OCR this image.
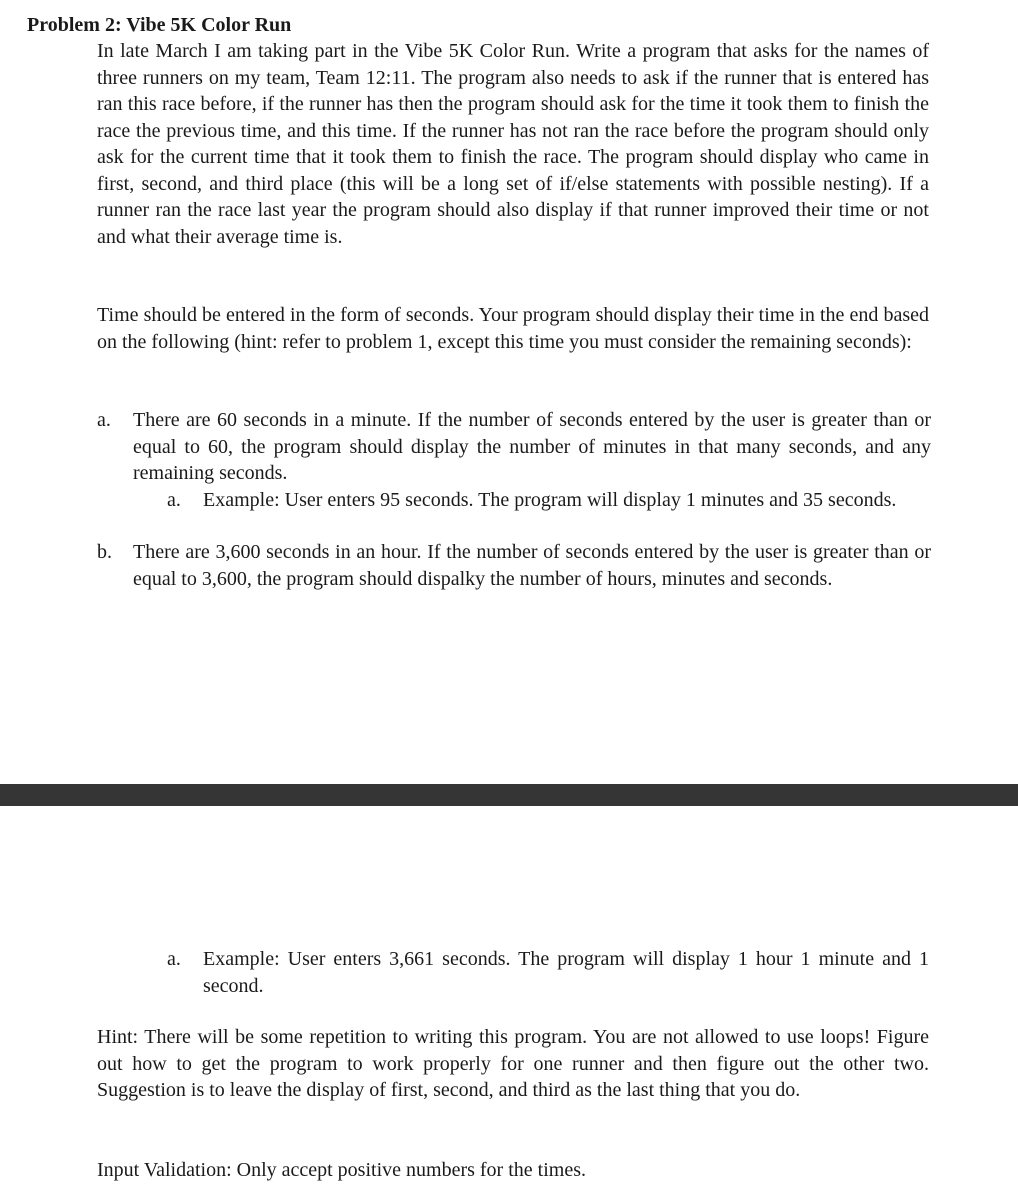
Problem 2: Vibe 5K Color Run
In late March I am taking part in the Vibe 5K Color Run. Write a program that asks for the names of three runners on my team, Team 12:11. The program also needs to ask if the runner that is entered has ran this race before, if the runner has then the program should ask for the time it took them to finish the race the previous time, and this time. If the runner has not ran the race before the program should only ask for the current time that it took them to finish the race. The program should display who came in first, second, and third place (this will be a long set of if/else statements with possible nesting). If a runner ran the race last year the program should also display if that runner improved their time or not and what their average time is.
Time should be entered in the form of seconds. Your program should display their time in the end based on the following (hint: refer to problem 1, except this time you must consider the remaining seconds):
a. There are 60 seconds in a minute. If the number of seconds entered by the user is greater than or equal to 60, the program should display the number of minutes in that many seconds, and any remaining seconds.
a. Example: User enters 95 seconds. The program will display 1 minutes and 35 seconds.
b. There are 3,600 seconds in an hour. If the number of seconds entered by the user is greater than or equal to 3,600, the program should dispalky the number of hours, minutes and seconds.
a. Example: User enters 3,661 seconds. The program will display 1 hour 1 minute and 1 second.
Hint: There will be some repetition to writing this program. You are not allowed to use loops! Figure out how to get the program to work properly for one runner and then figure out the other two. Suggestion is to leave the display of first, second, and third as the last thing that you do.
Input Validation: Only accept positive numbers for the times.
